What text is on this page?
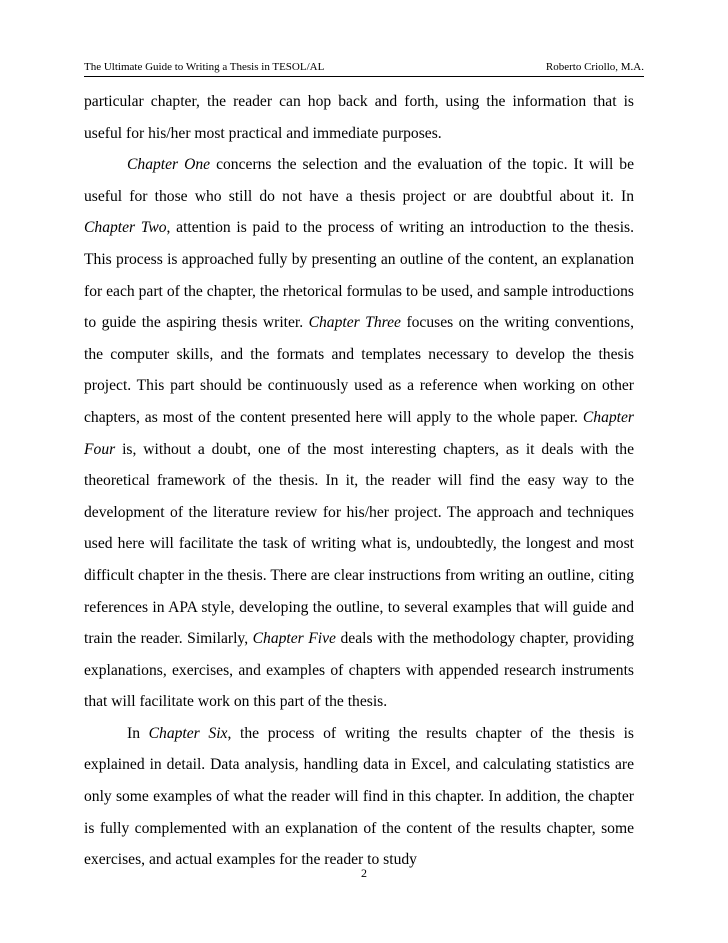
The Ultimate Guide to Writing a Thesis in TESOL/AL	Roberto Criollo, M.A.

particular chapter, the reader can hop back and forth, using the information that is useful for his/her most practical and immediate purposes.

Chapter One concerns the selection and the evaluation of the topic. It will be useful for those who still do not have a thesis project or are doubtful about it. In Chapter Two, attention is paid to the process of writing an introduction to the thesis. This process is approached fully by presenting an outline of the content, an explanation for each part of the chapter, the rhetorical formulas to be used, and sample introductions to guide the aspiring thesis writer. Chapter Three focuses on the writing conventions, the computer skills, and the formats and templates necessary to develop the thesis project. This part should be continuously used as a reference when working on other chapters, as most of the content presented here will apply to the whole paper. Chapter Four is, without a doubt, one of the most interesting chapters, as it deals with the theoretical framework of the thesis. In it, the reader will find the easy way to the development of the literature review for his/her project. The approach and techniques used here will facilitate the task of writing what is, undoubtedly, the longest and most difficult chapter in the thesis. There are clear instructions from writing an outline, citing references in APA style, developing the outline, to several examples that will guide and train the reader. Similarly, Chapter Five deals with the methodology chapter, providing explanations, exercises, and examples of chapters with appended research instruments that will facilitate work on this part of the thesis.

In Chapter Six, the process of writing the results chapter of the thesis is explained in detail. Data analysis, handling data in Excel, and calculating statistics are only some examples of what the reader will find in this chapter. In addition, the chapter is fully complemented with an explanation of the content of the results chapter, some exercises, and actual examples for the reader to study

2
